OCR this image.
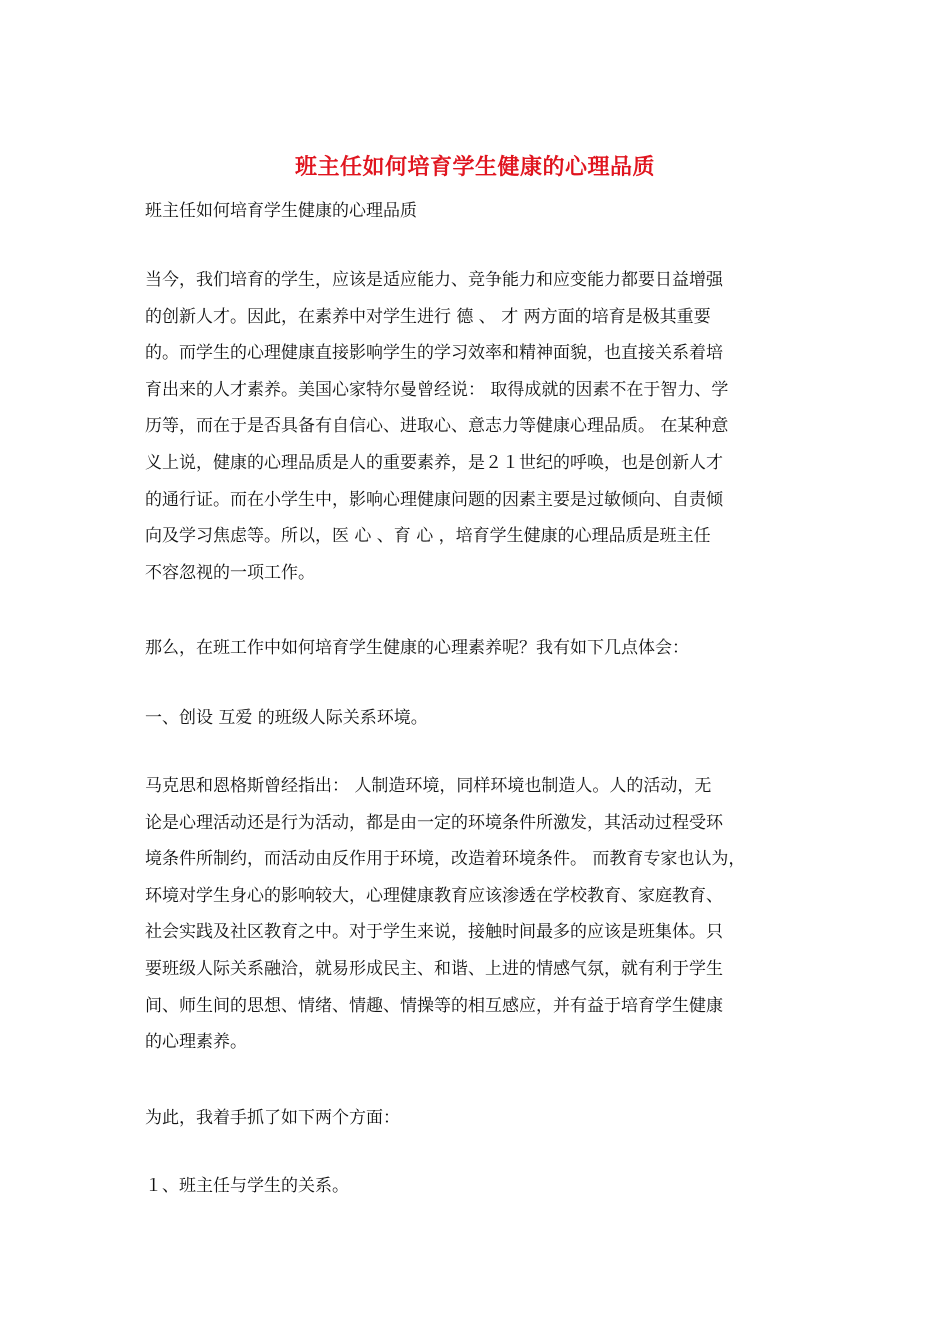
班主任如何培育学生健康的心理品质
班主任如何培育学生健康的心理品质
当今，我们培育的学生，应该是适应能力、竞争能力和应变能力都要日益增强
的创新人才。因此，在素养中对学生进行 德 、 才 两方面的培育是极其重要
的。而学生的心理健康直接影响学生的学习效率和精神面貌，也直接关系着培
育出来的人才素养。美国心家特尔曼曾经说： 取得成就的因素不在于智力、学
历等，而在于是否具备有自信心、进取心、意志力等健康心理品质。 在某种意
义上说，健康的心理品质是人的重要素养，是２１世纪的呼唤，也是创新人才
的通行证。而在小学生中，影响心理健康问题的因素主要是过敏倾向、自责倾
向及学习焦虑等。所以，医 心 、育 心 ，培育学生健康的心理品质是班主任
不容忽视的一项工作。
那么，在班工作中如何培育学生健康的心理素养呢？我有如下几点体会：
一、创设 互爱 的班级人际关系环境。
马克思和恩格斯曾经指出： 人制造环境，同样环境也制造人。人的活动，无
论是心理活动还是行为活动，都是由一定的环境条件所激发，其活动过程受环
境条件所制约，而活动由反作用于环境，改造着环境条件。 而教育专家也认为，
环境对学生身心的影响较大，心理健康教育应该渗透在学校教育、家庭教育、
社会实践及社区教育之中。对于学生来说，接触时间最多的应该是班集体。只
要班级人际关系融洽，就易形成民主、和谐、上进的情感气氛，就有利于学生
间、师生间的思想、情绪、情趣、情操等的相互感应，并有益于培育学生健康
的心理素养。
为此，我着手抓了如下两个方面：
１、班主任与学生的关系。
